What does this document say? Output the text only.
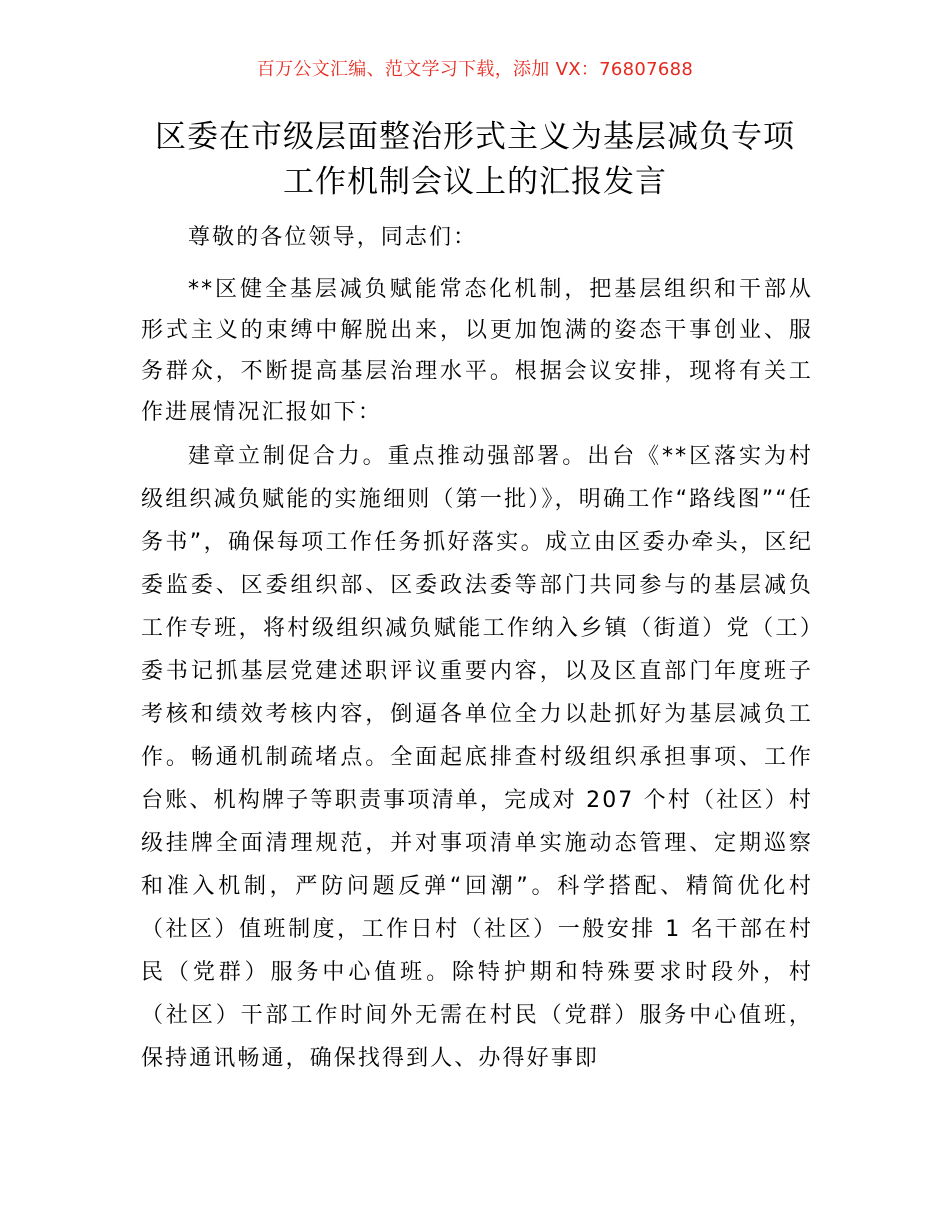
百万公文汇编、范文学习下载，添加 VX：76807688
区委在市级层面整治形式主义为基层减负专项
工作机制会议上的汇报发言
尊敬的各位领导，同志们：
**区健全基层减负赋能常态化机制，把基层组织和干部从形式主义的束缚中解脱出来，以更加饱满的姿态干事创业、服务群众，不断提高基层治理水平。根据会议安排，现将有关工作进展情况汇报如下：
建章立制促合力。重点推动强部署。出台《**区落实为村级组织减负赋能的实施细则（第一批）》，明确工作“路线图”“任务书”，确保每项工作任务抓好落实。成立由区委办牵头，区纪委监委、区委组织部、区委政法委等部门共同参与的基层减负工作专班，将村级组织减负赋能工作纳入乡镇（街道）党（工）委书记抓基层党建述职评议重要内容，以及区直部门年度班子考核和绩效考核内容，倒逼各单位全力以赴抓好为基层减负工作。畅通机制疏堵点。全面起底排查村级组织承担事项、工作台账、机构牌子等职责事项清单，完成对 207 个村（社区）村级挂牌全面清理规范，并对事项清单实施动态管理、定期巡察和准入机制，严防问题反弹“回潮”。科学搭配、精简优化村（社区）值班制度，工作日村（社区）一般安排 1 名干部在村民（党群）服务中心值班。除特护期和特殊要求时段外，村（社区）干部工作时间外无需在村民（党群）服务中心值班，保持通讯畅通，确保找得到人、办得好事即
